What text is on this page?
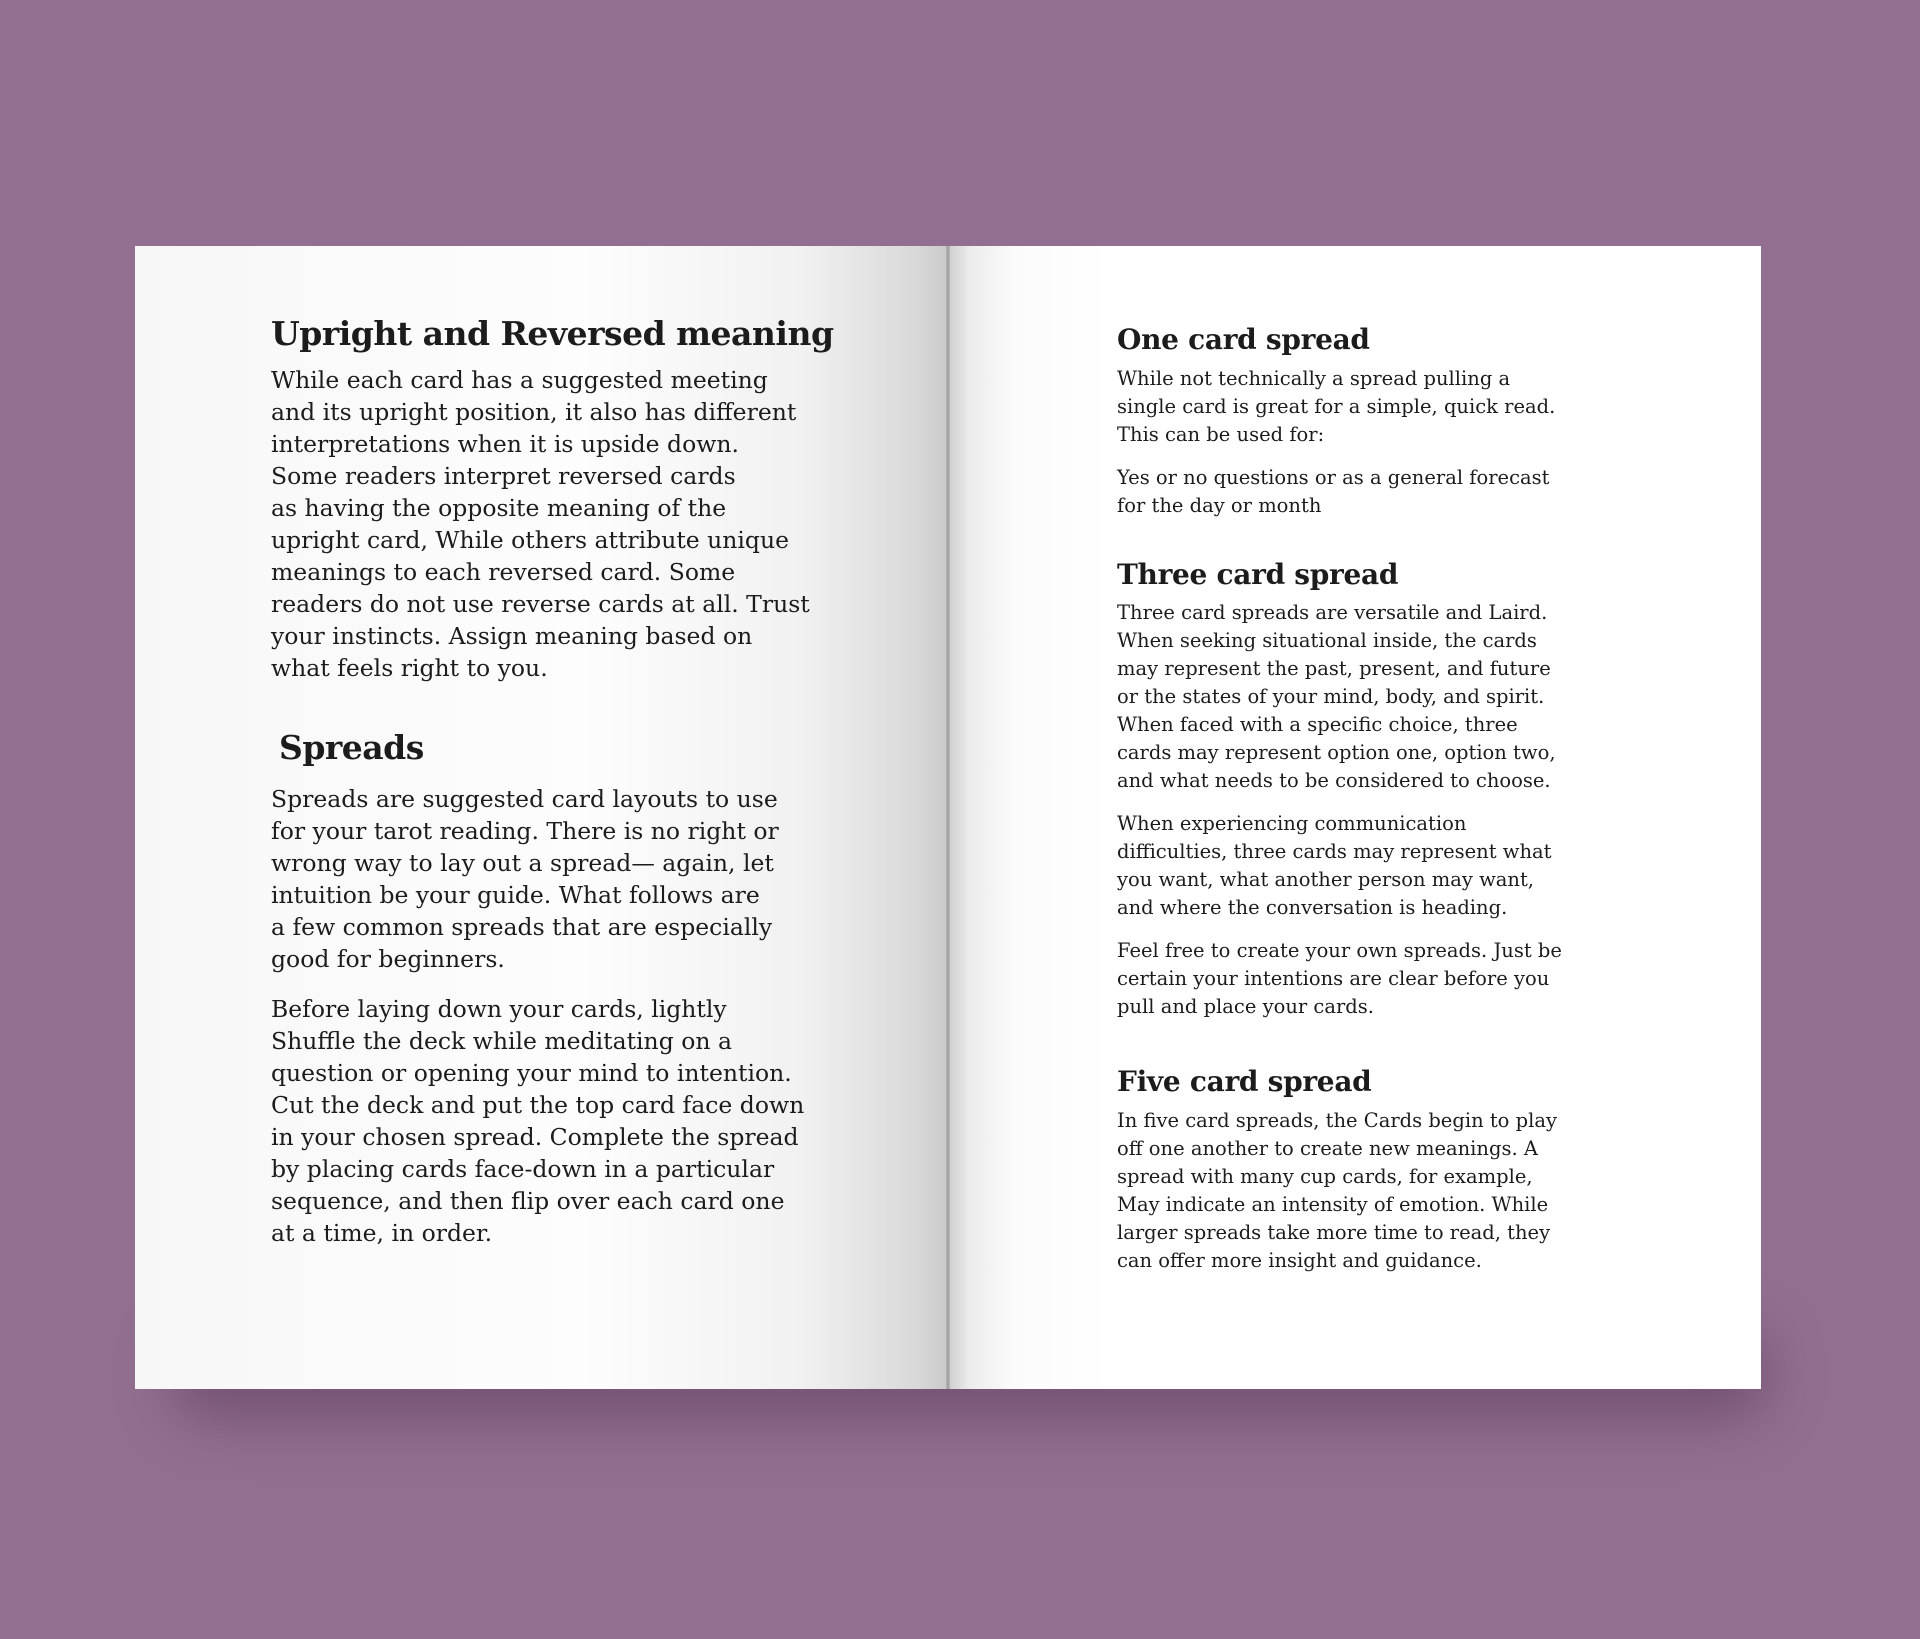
Upright and Reversed meaning

While each card has a suggested meeting
and its upright position, it also has different
interpretations when it is upside down.
Some readers interpret reversed cards
as having the opposite meaning of the
upright card, While others attribute unique
meanings to each reversed card. Some
readers do not use reverse cards at all. Trust
your instincts. Assign meaning based on
what feels right to you.

Spreads

Spreads are suggested card layouts to use
for your tarot reading. There is no right or
wrong way to lay out a spread— again, let
intuition be your guide. What follows are
a few common spreads that are especially
good for beginners.

Before laying down your cards, lightly
Shuffle the deck while meditating on a
question or opening your mind to intention.
Cut the deck and put the top card face down
in your chosen spread. Complete the spread
by placing cards face-down in a particular
sequence, and then flip over each card one
at a time, in order.

One card spread

While not technically a spread pulling a
single card is great for a simple, quick read.
This can be used for:

Yes or no questions or as a general forecast
for the day or month

Three card spread

Three card spreads are versatile and Laird.
When seeking situational inside, the cards
may represent the past, present, and future
or the states of your mind, body, and spirit.
When faced with a specific choice, three
cards may represent option one, option two,
and what needs to be considered to choose.

When experiencing communication
difficulties, three cards may represent what
you want, what another person may want,
and where the conversation is heading.

Feel free to create your own spreads. Just be
certain your intentions are clear before you
pull and place your cards.

Five card spread

In five card spreads, the Cards begin to play
off one another to create new meanings. A
spread with many cup cards, for example,
May indicate an intensity of emotion. While
larger spreads take more time to read, they
can offer more insight and guidance.
